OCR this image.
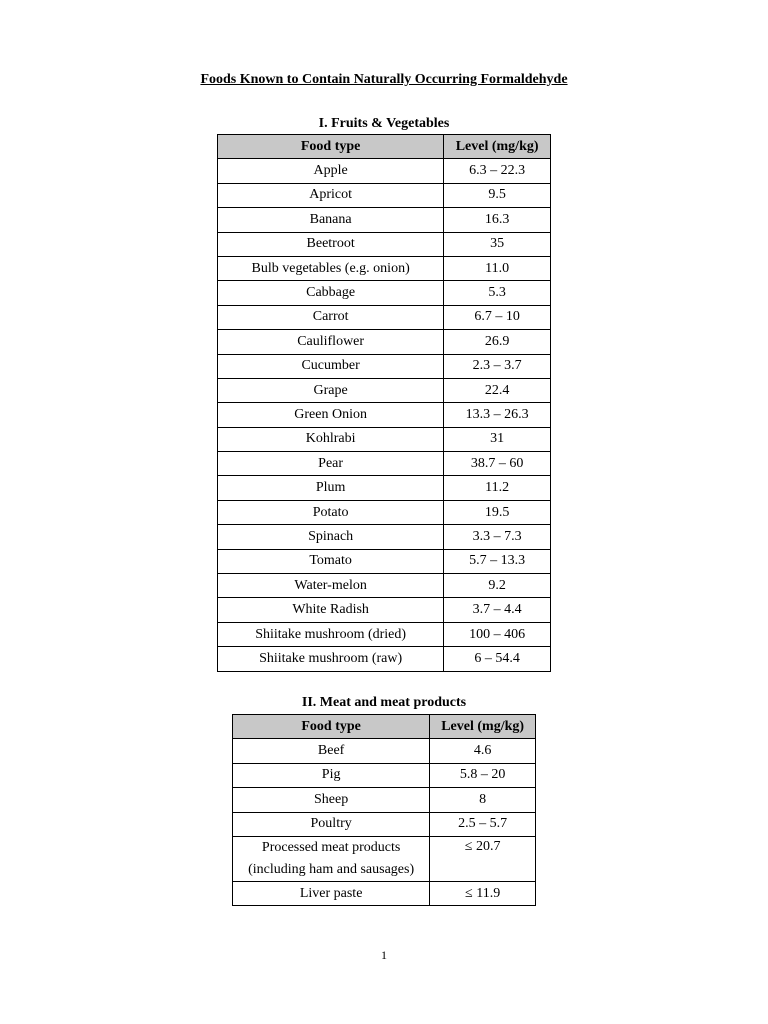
Foods Known to Contain Naturally Occurring Formaldehyde
I. Fruits & Vegetables
Food type	Level (mg/kg)
Apple	6.3 – 22.3
Apricot	9.5
Banana	16.3
Beetroot	35
Bulb vegetables (e.g. onion)	11.0
Cabbage	5.3
Carrot	6.7 – 10
Cauliflower	26.9
Cucumber	2.3 – 3.7
Grape	22.4
Green Onion	13.3 – 26.3
Kohlrabi	31
Pear	38.7 – 60
Plum	11.2
Potato	19.5
Spinach	3.3 – 7.3
Tomato	5.7 – 13.3
Water-melon	9.2
White Radish	3.7 – 4.4
Shiitake mushroom (dried)	100 – 406
Shiitake mushroom (raw)	6 – 54.4
II. Meat and meat products
Food type	Level (mg/kg)
Beef	4.6
Pig	5.8 – 20
Sheep	8
Poultry	2.5 – 5.7

Processed meat products
(including ham and sausages)	≤ 20.7
Liver paste	≤ 11.9
1
